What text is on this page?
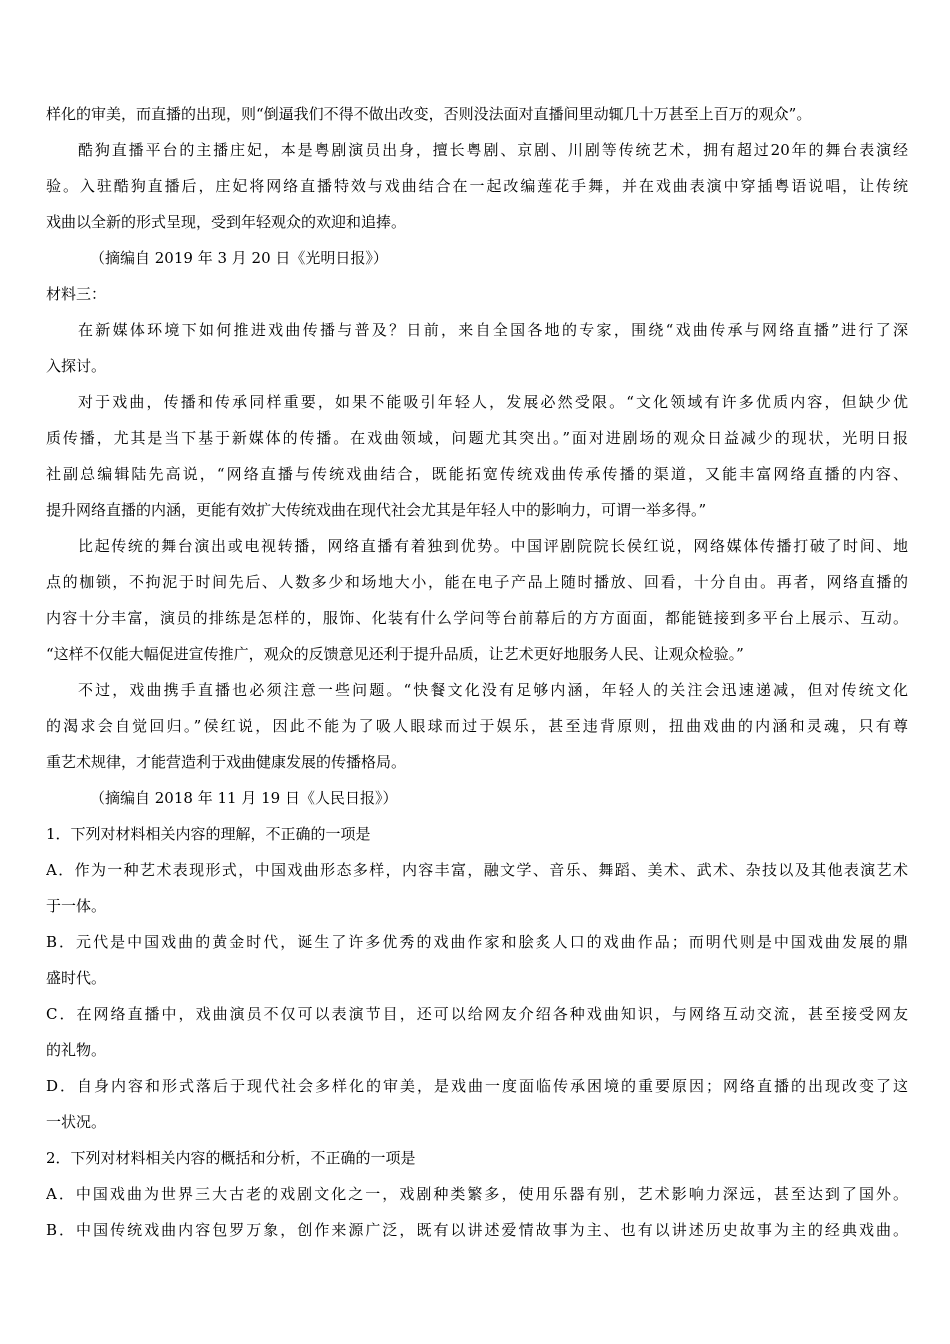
样化的审美，而直播的出现，则“倒逼我们不得不做出改变，否则没法面对直播间里动辄几十万甚至上百万的观众”。
酷狗直播平台的主播庄妃，本是粤剧演员出身，擅长粤剧、京剧、川剧等传统艺术，拥有超过20年的舞台表演经
验。入驻酷狗直播后，庄妃将网络直播特效与戏曲结合在一起改编莲花手舞，并在戏曲表演中穿插粤语说唱，让传统
戏曲以全新的形式呈现，受到年轻观众的欢迎和追捧。
（摘编自 2019 年 3 月 20 日《光明日报》）
材料三：
在新媒体环境下如何推进戏曲传播与普及？日前，来自全国各地的专家，围绕“戏曲传承与网络直播”进行了深
入探讨。
对于戏曲，传播和传承同样重要，如果不能吸引年轻人，发展必然受限。“文化领域有许多优质内容，但缺少优
质传播，尤其是当下基于新媒体的传播。在戏曲领域，问题尤其突出。”面对进剧场的观众日益减少的现状，光明日报
社副总编辑陆先高说，“网络直播与传统戏曲结合，既能拓宽传统戏曲传承传播的渠道，又能丰富网络直播的内容、
提升网络直播的内涵，更能有效扩大传统戏曲在现代社会尤其是年轻人中的影响力，可谓一举多得。”
比起传统的舞台演出或电视转播，网络直播有着独到优势。中国评剧院院长侯红说，网络媒体传播打破了时间、地
点的枷锁，不拘泥于时间先后、人数多少和场地大小，能在电子产品上随时播放、回看，十分自由。再者，网络直播的
内容十分丰富，演员的排练是怎样的，服饰、化装有什么学问等台前幕后的方方面面，都能链接到多平台上展示、互动。
“这样不仅能大幅促进宣传推广，观众的反馈意见还利于提升品质，让艺术更好地服务人民、让观众检验。”
不过，戏曲携手直播也必须注意一些问题。“快餐文化没有足够内涵，年轻人的关注会迅速递减，但对传统文化
的渴求会自觉回归。”侯红说，因此不能为了吸人眼球而过于娱乐，甚至违背原则，扭曲戏曲的内涵和灵魂，只有尊
重艺术规律，才能营造利于戏曲健康发展的传播格局。
（摘编自 2018 年 11 月 19 日《人民日报》）
1．下列对材料相关内容的理解，不正确的一项是
A．作为一种艺术表现形式，中国戏曲形态多样，内容丰富，融文学、音乐、舞蹈、美术、武术、杂技以及其他表演艺术
于一体。
B．元代是中国戏曲的黄金时代，诞生了许多优秀的戏曲作家和脍炙人口的戏曲作品；而明代则是中国戏曲发展的鼎
盛时代。
C．在网络直播中，戏曲演员不仅可以表演节目，还可以给网友介绍各种戏曲知识，与网络互动交流，甚至接受网友
的礼物。
D．自身内容和形式落后于现代社会多样化的审美，是戏曲一度面临传承困境的重要原因；网络直播的出现改变了这
一状况。
2．下列对材料相关内容的概括和分析，不正确的一项是
A．中国戏曲为世界三大古老的戏剧文化之一，戏剧种类繁多，使用乐器有别，艺术影响力深远，甚至达到了国外。
B．中国传统戏曲内容包罗万象，创作来源广泛，既有以讲述爱情故事为主、也有以讲述历史故事为主的经典戏曲。
